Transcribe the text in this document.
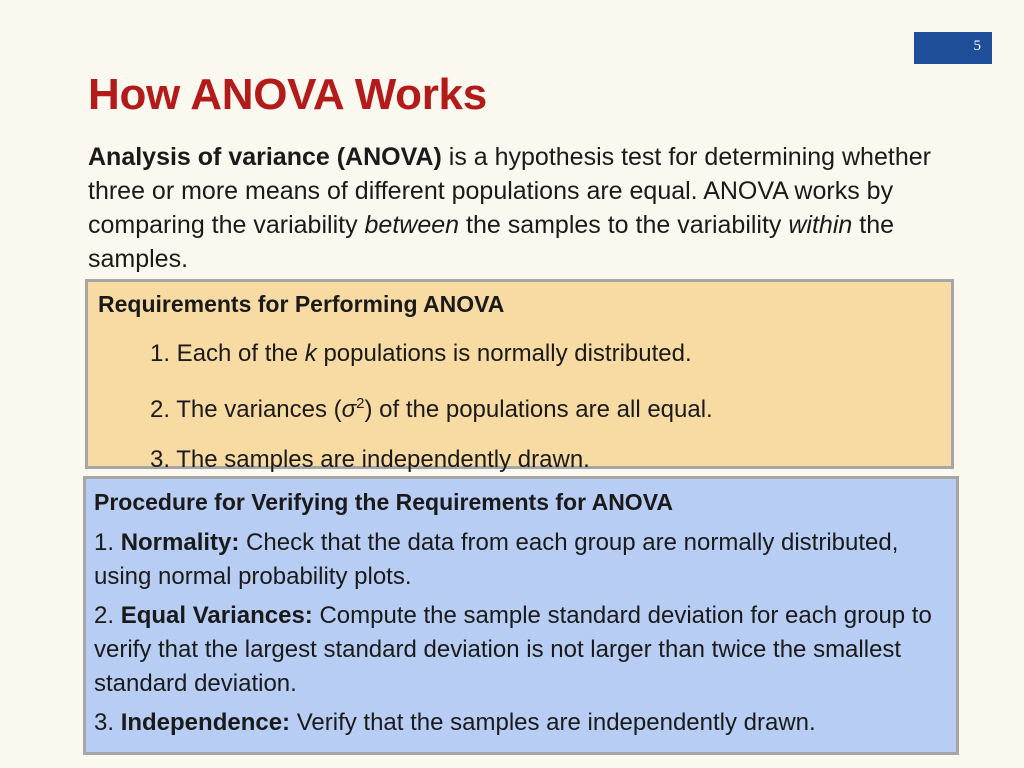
5
How ANOVA Works
Analysis of variance (ANOVA) is a hypothesis test for determining whether three or more means of different populations are equal. ANOVA works by comparing the variability between the samples to the variability within the samples.
Requirements for Performing ANOVA
1. Each of the k populations is normally distributed.
2. The variances $(\sigma^2)$ of the populations are all equal.
3. The samples are independently drawn.
Procedure for Verifying the Requirements for ANOVA
1. Normality: Check that the data from each group are normally distributed, using normal probability plots.
2. Equal Variances: Compute the sample standard deviation for each group to verify that the largest standard deviation is not larger than twice the smallest standard deviation.
3. Independence: Verify that the samples are independently drawn.
